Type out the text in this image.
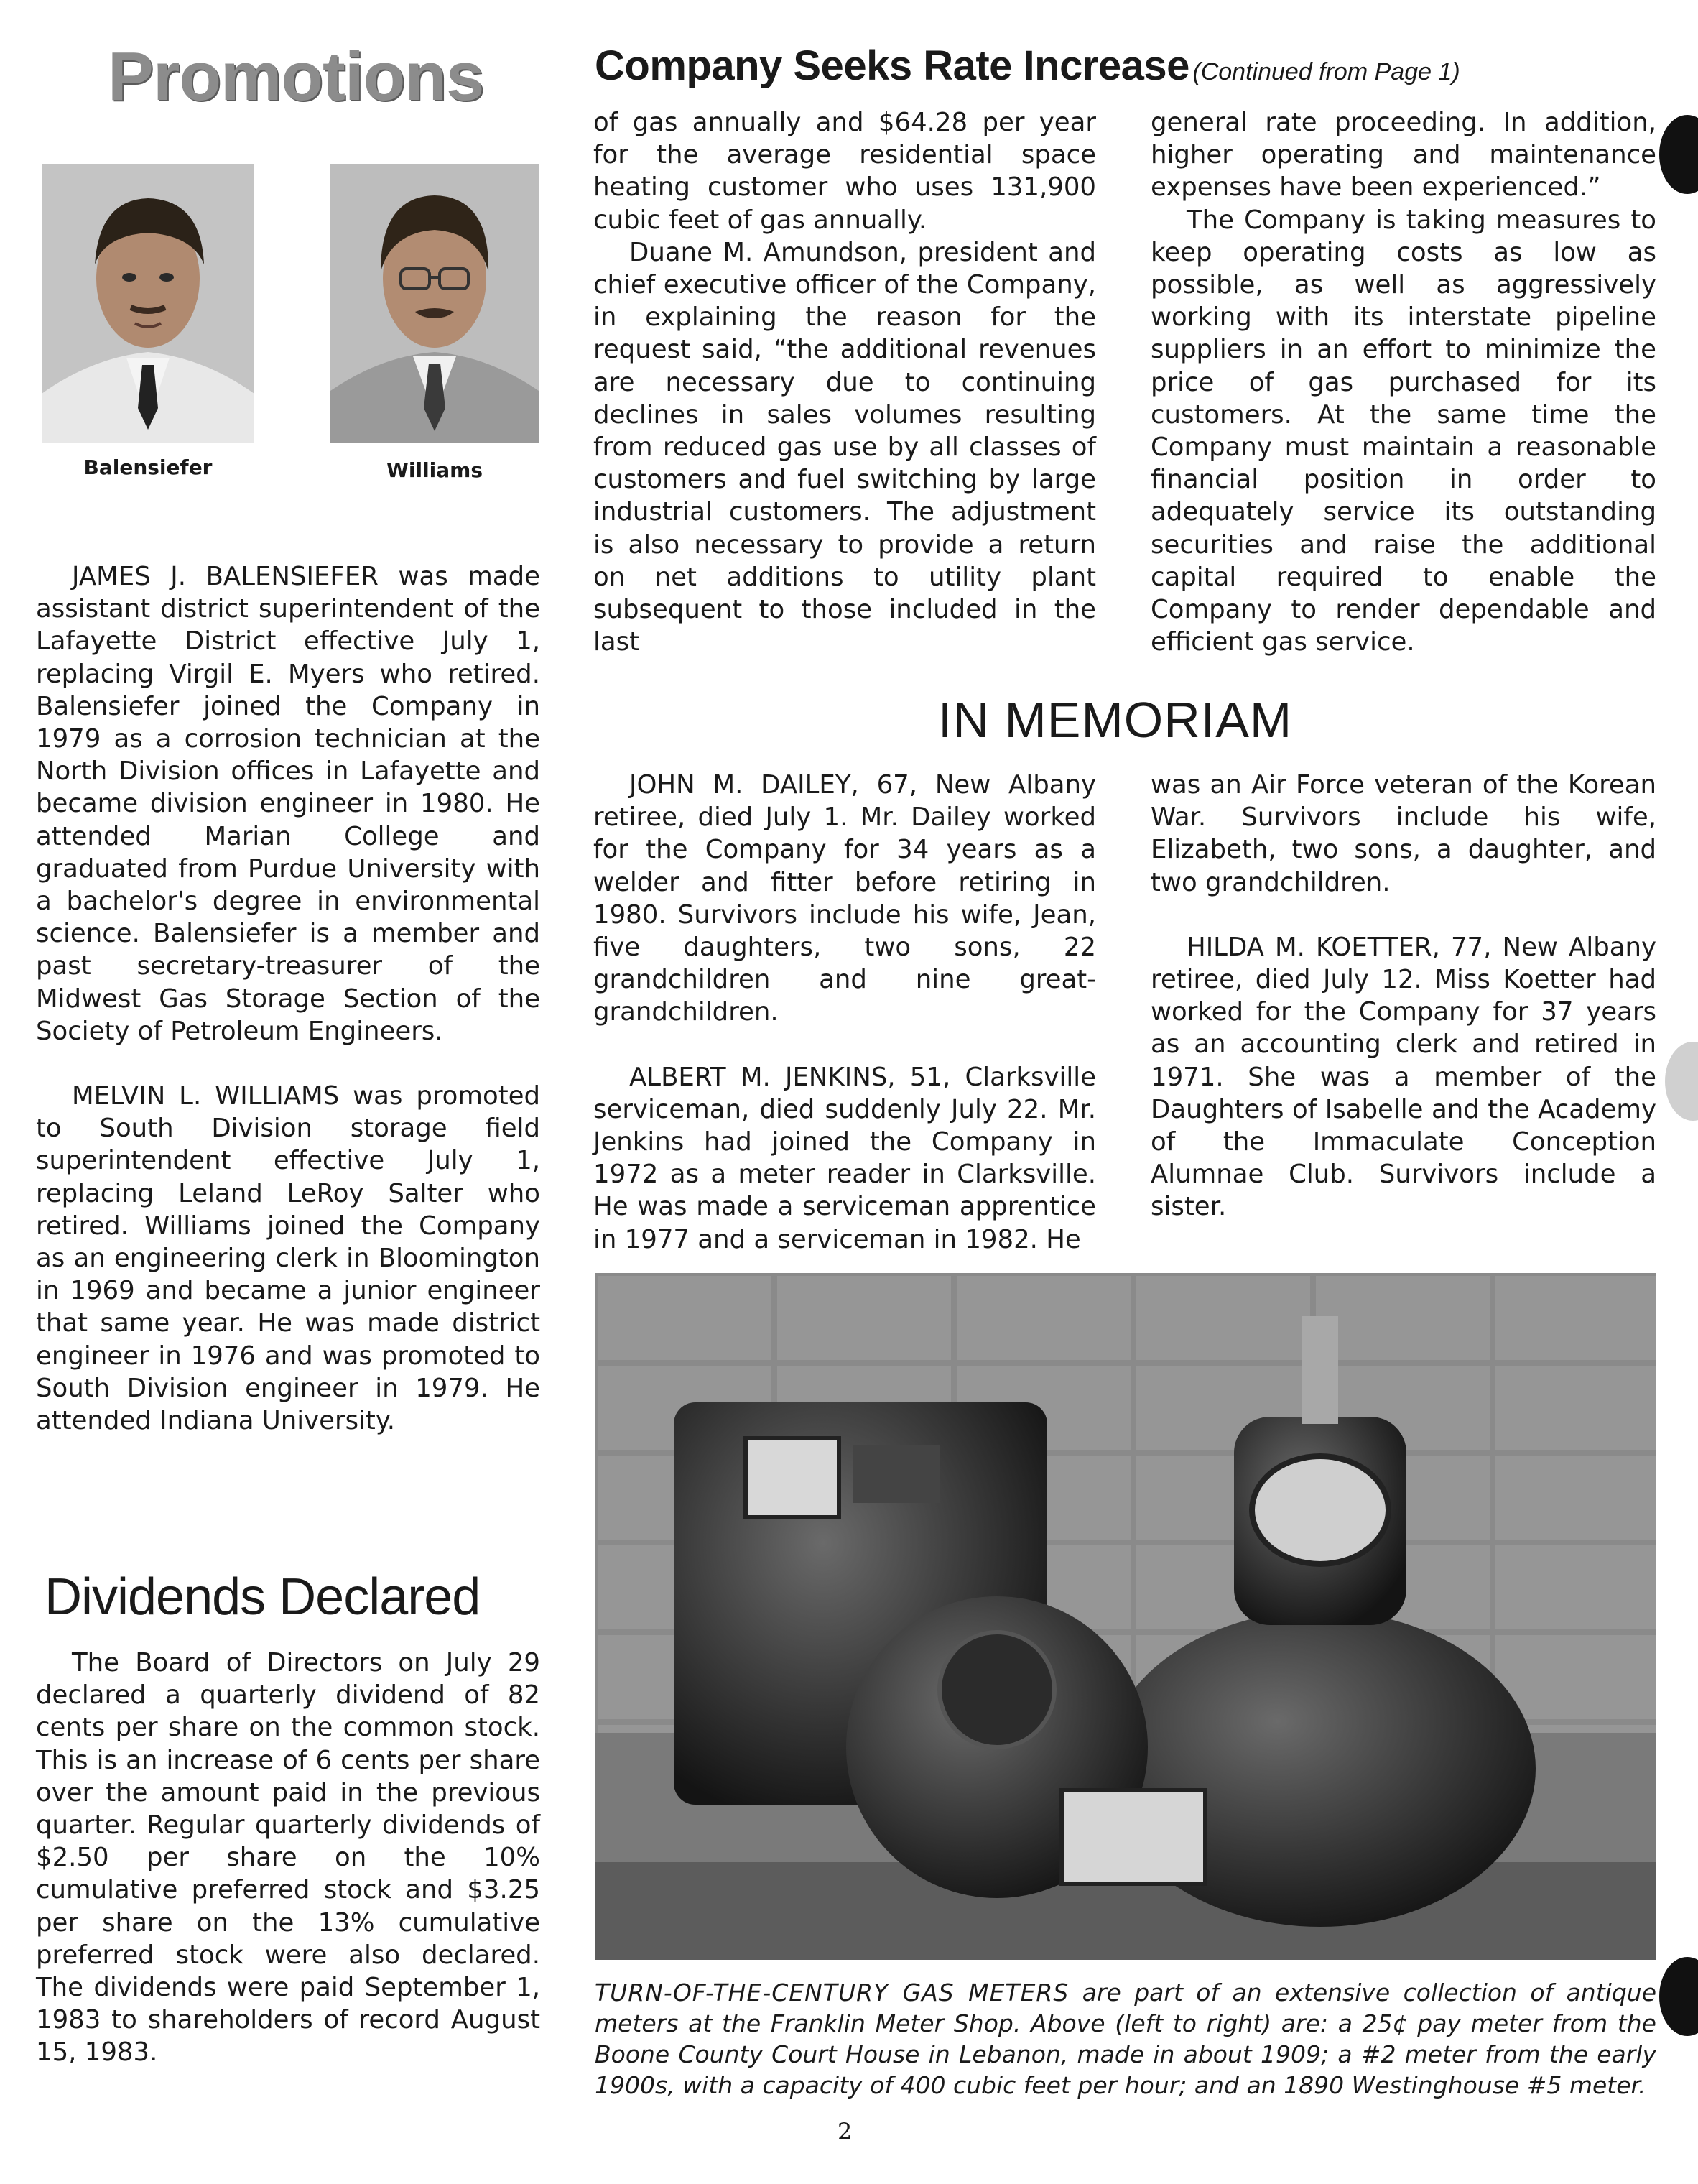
Promotions

Balensiefer	Williams

JAMES J. BALENSIEFER was made assistant district superintendent of the Lafayette District effective July 1, replacing Virgil E. Myers who retired. Balensiefer joined the Company in 1979 as a corrosion technician at the North Division offices in Lafayette and became division engineer in 1980. He attended Marian College and graduated from Purdue University with a bachelor's degree in environmental science. Balensiefer is a member and past secretary-treasurer of the Midwest Gas Storage Section of the Society of Petroleum Engineers.

MELVIN L. WILLIAMS was promoted to South Division storage field superintendent effective July 1, replacing Leland LeRoy Salter who retired. Williams joined the Company as an engineering clerk in Bloomington in 1969 and became a junior engineer that same year. He was made district engineer in 1976 and was promoted to South Division engineer in 1979. He attended Indiana University.

Dividends Declared

The Board of Directors on July 29 declared a quarterly dividend of 82 cents per share on the common stock. This is an increase of 6 cents per share over the amount paid in the previous quarter. Regular quarterly dividends of $2.50 per share on the 10% cumulative preferred stock and $3.25 per share on the 13% cumulative preferred stock were also declared. The dividends were paid September 1, 1983 to shareholders of record August 15, 1983.

Company Seeks Rate Increase (Continued from Page 1)

of gas annually and $64.28 per year for the average residential space heating customer who uses 131,900 cubic feet of gas annually.

Duane M. Amundson, president and chief executive officer of the Company, in explaining the reason for the request said, “the additional revenues are necessary due to continuing declines in sales volumes resulting from reduced gas use by all classes of customers and fuel switching by large industrial customers. The adjustment is also necessary to provide a return on net additions to utility plant subsequent to those included in the last

general rate proceeding. In addition, higher operating and maintenance expenses have been experienced.”

The Company is taking measures to keep operating costs as low as possible, as well as aggressively working with its interstate pipeline suppliers in an effort to minimize the price of gas purchased for its customers. At the same time the Company must maintain a reasonable financial position in order to adequately service its outstanding securities and raise the additional capital required to enable the Company to render dependable and efficient gas service.

IN MEMORIAM

JOHN M. DAILEY, 67, New Albany retiree, died July 1. Mr. Dailey worked for the Company for 34 years as a welder and fitter before retiring in 1980. Survivors include his wife, Jean, five daughters, two sons, 22 grandchildren and nine great-grandchildren.

ALBERT M. JENKINS, 51, Clarksville serviceman, died suddenly July 22. Mr. Jenkins had joined the Company in 1972 as a meter reader in Clarksville. He was made a serviceman apprentice in 1977 and a serviceman in 1982. He

was an Air Force veteran of the Korean War. Survivors include his wife, Elizabeth, two sons, a daughter, and two grandchildren.

HILDA M. KOETTER, 77, New Albany retiree, died July 12. Miss Koetter had worked for the Company for 37 years as an accounting clerk and retired in 1971. She was a member of the Daughters of Isabelle and the Academy of the Immaculate Conception Alumnae Club. Survivors include a sister.

TURN-OF-THE-CENTURY GAS METERS are part of an extensive collection of antique meters at the Franklin Meter Shop. Above (left to right) are: a 25¢ pay meter from the Boone County Court House in Lebanon, made in about 1909; a #2 meter from the early 1900s, with a capacity of 400 cubic feet per hour; and an 1890 Westinghouse #5 meter.

2
